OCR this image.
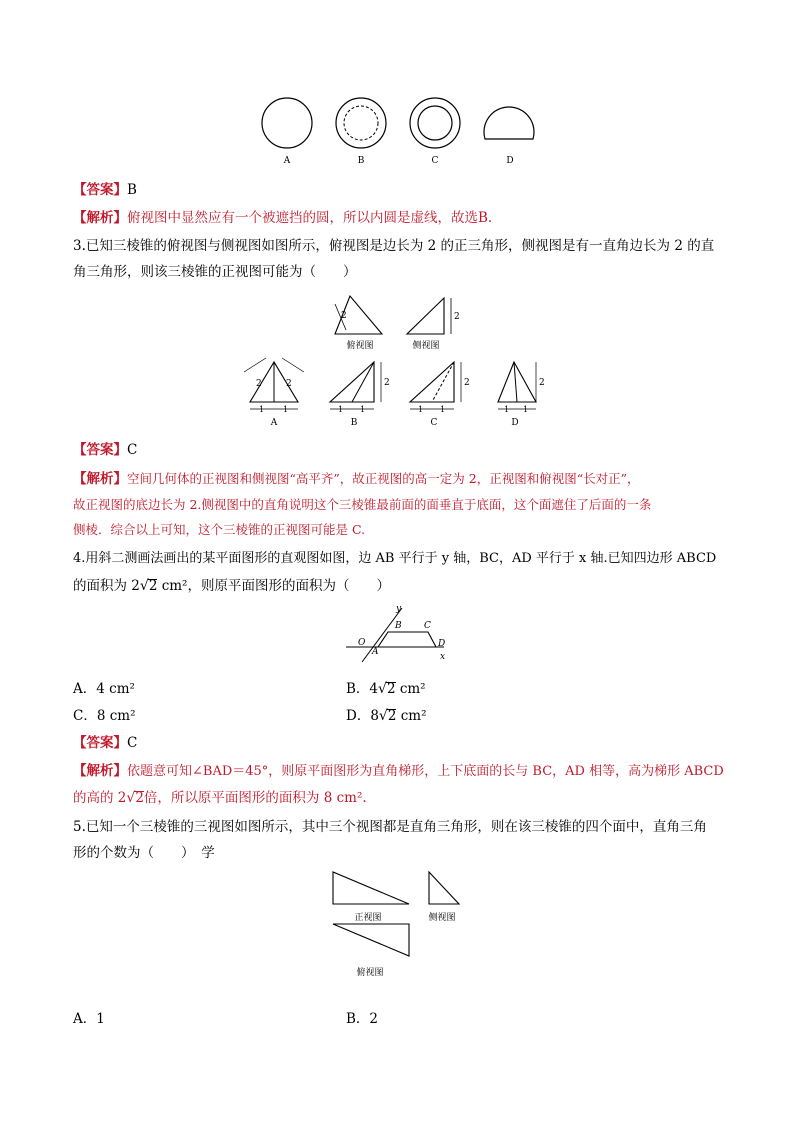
A	B	C	D
【答案】B
【解析】俯视图中显然应有一个被遮挡的圆，所以内圆是虚线，故选B.
3.已知三棱锥的俯视图与侧视图如图所示，俯视图是边长为 2 的正三角形，侧视图是有一直角边长为 2 的直
角三角形，则该三棱锥的正视图可能为（　　）
2	2
俯视图	侧视图
2	2
1 1
2
1 1
2
1 1
2
1 1
A	B	C	D
【答案】C
【解析】空间几何体的正视图和侧视图“高平齐”，故正视图的高一定为 2，正视图和俯视图“长对正”，
故正视图的底边长为 2.侧视图中的直角说明这个三棱锥最前面的面垂直于底面，这个面遮住了后面的一条
侧棱．综合以上可知，这个三棱锥的正视图可能是 C.
4.用斜二测画法画出的某平面图形的直观图如图，边 AB 平行于 y 轴，BC，AD 平行于 x 轴.已知四边形 ABCD
的面积为 2√2 cm²，则原平面图形的面积为（　　）
y
x
O
A
B C
D
A．4 cm²	B．4√2 cm²
C．8 cm²	D．8√2 cm²
【答案】C
【解析】依题意可知∠BAD＝45°，则原平面图形为直角梯形，上下底面的长与 BC，AD 相等，高为梯形 ABCD
的高的 2√2倍，所以原平面图形的面积为 8 cm².
5.已知一个三棱锥的三视图如图所示，其中三个视图都是直角三角形，则在该三棱锥的四个面中，直角三角
形的个数为（　　）　学
正视图	侧视图
俯视图
A．1	B．2
